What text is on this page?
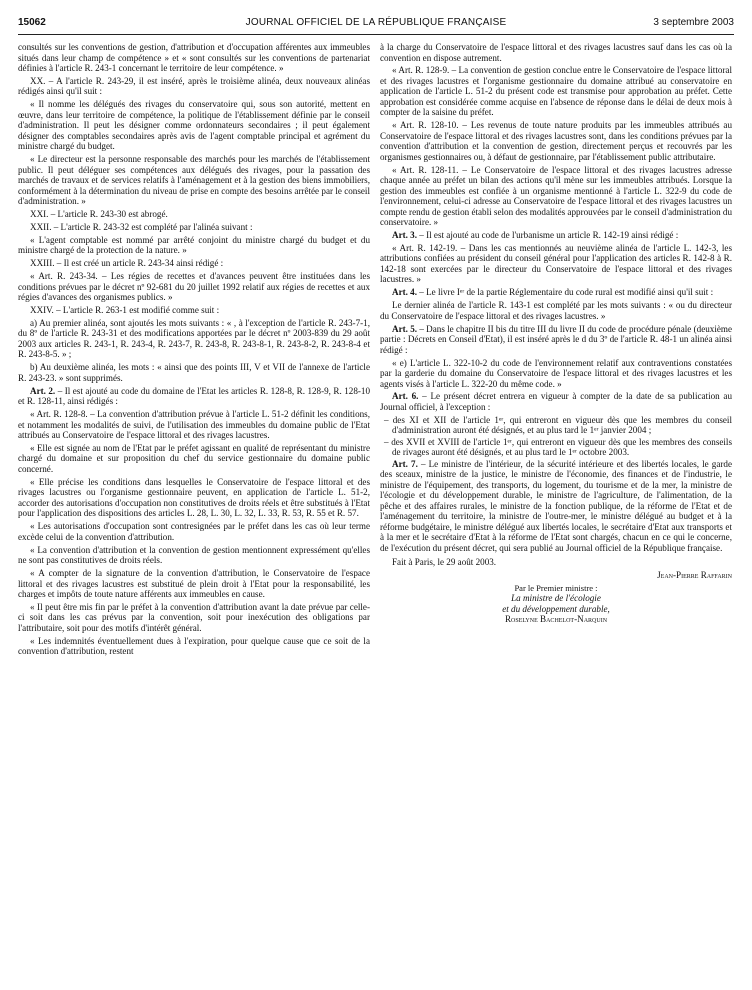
15062	JOURNAL OFFICIEL DE LA RÉPUBLIQUE FRANÇAISE	3 septembre 2003

consultés sur les conventions de gestion, d'attribution et d'occupation afférentes aux immeubles situés dans leur champ de compétence » et « sont consultés sur les conventions de partenariat définies à l'article R. 243-1 concernant le territoire de leur compétence. »

XX. – A l'article R. 243-29, il est inséré, après le troisième alinéa, deux nouveaux alinéas rédigés ainsi qu'il suit :

« Il nomme les délégués des rivages du conservatoire qui, sous son autorité, mettent en œuvre, dans leur territoire de compétence, la politique de l'établissement définie par le conseil d'administration. Il peut les désigner comme ordonnateurs secondaires ; il peut également désigner des comptables secondaires après avis de l'agent comptable principal et agrément du ministre chargé du budget.

« Le directeur est la personne responsable des marchés pour les marchés de l'établissement public. Il peut déléguer ses compétences aux délégués des rivages, pour la passation des marchés de travaux et de services relatifs à l'aménagement et à la gestion des biens immobiliers, conformément à la détermination du niveau de prise en compte des besoins arrêtée par le conseil d'administration. »

XXI. – L'article R. 243-30 est abrogé.

XXII. – L'article R. 243-32 est complété par l'alinéa suivant :

« L'agent comptable est nommé par arrêté conjoint du ministre chargé du budget et du ministre chargé de la protection de la nature. »

XXIII. – Il est créé un article R. 243-34 ainsi rédigé :

« Art. R. 243-34. – Les régies de recettes et d'avances peuvent être instituées dans les conditions prévues par le décret nº 92-681 du 20 juillet 1992 relatif aux régies de recettes et aux régies d'avances des organismes publics. »

XXIV. – L'article R. 263-1 est modifié comme suit :

a) Au premier alinéa, sont ajoutés les mots suivants : « , à l'exception de l'article R. 243-7-1, du 8º de l'article R. 243-31 et des modifications apportées par le décret nº 2003-839 du 29 août 2003 aux articles R. 243-1, R. 243-4, R. 243-7, R. 243-8, R. 243-8-1, R. 243-8-2, R. 243-8-4 et R. 243-8-5. » ;

b) Au deuxième alinéa, les mots : « ainsi que des points III, V et VII de l'annexe de l'article R. 243-23. » sont supprimés.

Art. 2. – Il est ajouté au code du domaine de l'Etat les articles R. 128-8, R. 128-9, R. 128-10 et R. 128-11, ainsi rédigés :

« Art. R. 128-8. – La convention d'attribution prévue à l'article L. 51-2 définit les conditions, et notamment les modalités de suivi, de l'utilisation des immeubles du domaine public de l'Etat attribués au Conservatoire de l'espace littoral et des rivages lacustres.

« Elle est signée au nom de l'Etat par le préfet agissant en qualité de représentant du ministre chargé du domaine et sur proposition du chef du service gestionnaire du domaine public concerné.

« Elle précise les conditions dans lesquelles le Conservatoire de l'espace littoral et des rivages lacustres ou l'organisme gestionnaire peuvent, en application de l'article L. 51-2, accorder des autorisations d'occupation non constitutives de droits réels et être substitués à l'Etat pour l'application des dispositions des articles L. 28, L. 30, L. 32, L. 33, R. 53, R. 55 et R. 57.

« Les autorisations d'occupation sont contresignées par le préfet dans les cas où leur terme excède celui de la convention d'attribution.

« La convention d'attribution et la convention de gestion mentionnent expressément qu'elles ne sont pas constitutives de droits réels.

« A compter de la signature de la convention d'attribution, le Conservatoire de l'espace littoral et des rivages lacustres est substitué de plein droit à l'Etat pour la responsabilité, les charges et impôts de toute nature afférents aux immeubles en cause.

« Il peut être mis fin par le préfet à la convention d'attribution avant la date prévue par celle-ci soit dans les cas prévus par la convention, soit pour inexécution des obligations par l'attributaire, soit pour des motifs d'intérêt général.

« Les indemnités éventuellement dues à l'expiration, pour quelque cause que ce soit de la convention d'attribution, restent

à la charge du Conservatoire de l'espace littoral et des rivages lacustres sauf dans les cas où la convention en dispose autrement.

« Art. R. 128-9. – La convention de gestion conclue entre le Conservatoire de l'espace littoral et des rivages lacustres et l'organisme gestionnaire du domaine attribué au conservatoire en application de l'article L. 51-2 du présent code est transmise pour approbation au préfet. Cette approbation est considérée comme acquise en l'absence de réponse dans le délai de deux mois à compter de la saisine du préfet.

« Art. R. 128-10. – Les revenus de toute nature produits par les immeubles attribués au Conservatoire de l'espace littoral et des rivages lacustres sont, dans les conditions prévues par la convention d'attribution et la convention de gestion, directement perçus et recouvrés par les organismes gestionnaires ou, à défaut de gestionnaire, par l'établissement public attributaire.

« Art. R. 128-11. – Le Conservatoire de l'espace littoral et des rivages lacustres adresse chaque année au préfet un bilan des actions qu'il mène sur les immeubles attribués. Lorsque la gestion des immeubles est confiée à un organisme mentionné à l'article L. 322-9 du code de l'environnement, celui-ci adresse au Conservatoire de l'espace littoral et des rivages lacustres un compte rendu de gestion établi selon des modalités approuvées par le conseil d'administration du conservatoire. »

Art. 3. – Il est ajouté au code de l'urbanisme un article R. 142-19 ainsi rédigé :

« Art. R. 142-19. – Dans les cas mentionnés au neuvième alinéa de l'article L. 142-3, les attributions confiées au président du conseil général pour l'application des articles R. 142-8 à R. 142-18 sont exercées par le directeur du Conservatoire de l'espace littoral et des rivages lacustres. »

Art. 4. – Le livre Iᵉʳ de la partie Réglementaire du code rural est modifié ainsi qu'il suit :

Le dernier alinéa de l'article R. 143-1 est complété par les mots suivants : « ou du directeur du Conservatoire de l'espace littoral et des rivages lacustres. »

Art. 5. – Dans le chapitre II bis du titre III du livre II du code de procédure pénale (deuxième partie : Décrets en Conseil d'Etat), il est inséré après le d du 3º de l'article R. 48-1 un alinéa ainsi rédigé :

« e) L'article L. 322-10-2 du code de l'environnement relatif aux contraventions constatées par la garderie du domaine du Conservatoire de l'espace littoral et des rivages lacustres et les agents visés à l'article L. 322-20 du même code. »

Art. 6. – Le présent décret entrera en vigueur à compter de la date de sa publication au Journal officiel, à l'exception :

– des XI et XII de l'article 1ᵉʳ, qui entreront en vigueur dès que les membres du conseil d'administration auront été désignés, et au plus tard le 1ᵉʳ janvier 2004 ;

– des XVII et XVIII de l'article 1ᵉʳ, qui entreront en vigueur dès que les membres des conseils de rivages auront été désignés, et au plus tard le 1ᵉʳ octobre 2003.

Art. 7. – Le ministre de l'intérieur, de la sécurité intérieure et des libertés locales, le garde des sceaux, ministre de la justice, le ministre de l'économie, des finances et de l'industrie, le ministre de l'équipement, des transports, du logement, du tourisme et de la mer, la ministre de l'écologie et du développement durable, le ministre de l'agriculture, de l'alimentation, de la pêche et des affaires rurales, le ministre de la fonction publique, de la réforme de l'Etat et de l'aménagement du territoire, la ministre de l'outre-mer, le ministre délégué au budget et à la réforme budgétaire, le ministre délégué aux libertés locales, le secrétaire d'Etat aux transports et à la mer et le secrétaire d'Etat à la réforme de l'Etat sont chargés, chacun en ce qui le concerne, de l'exécution du présent décret, qui sera publié au Journal officiel de la République française.

Fait à Paris, le 29 août 2003.

Jean-Pierre Raffarin

Par le Premier ministre :

La ministre de l'écologie

et du développement durable,

Roselyne Bachelot-Narquin
